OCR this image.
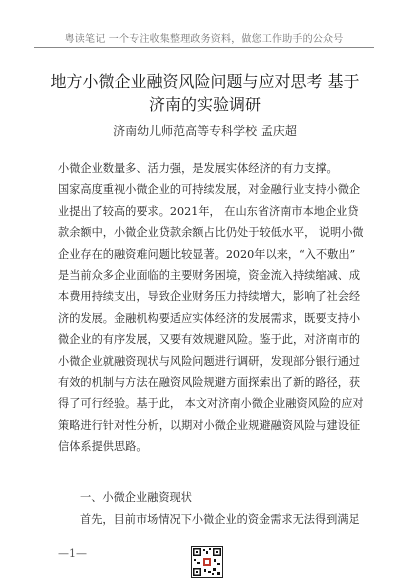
粤读笔记 一个专注收集整理政务资料，做您工作助手的公众号
地方小微企业融资风险问题与应对思考 基于
济南的实验调研
济南幼儿师范高等专科学校 孟庆超
小微企业数量多、活力强，是发展实体经济的有力支撑。
国家高度重视小微企业的可持续发展，对金融行业支持小微企
业提出了较高的要求。2021年， 在山东省济南市本地企业贷
款余额中，小微企业贷款余额占比仍处于较低水平， 说明小微
企业存在的融资难问题比较显著。2020年以来，“入不敷出”
是当前众多企业面临的主要财务困境，资金流入持续缩减、成
本费用持续支出，导致企业财务压力持续增大，影响了社会经
济的发展。金融机构要适应实体经济的发展需求，既要支持小
微企业的有序发展，又要有效规避风险。鉴于此，对济南市的
小微企业就融资现状与风险问题进行调研，发现部分银行通过
有效的机制与方法在融资风险规避方面探索出了新的路径，获
得了可行经验。基于此， 本文对济南小微企业融资风险的应对
策略进行针对性分析，以期对小微企业规避融资风险与建设征
信体系提供思路。
一、小微企业融资现状
首先，目前市场情况下小微企业的资金需求无法得到满足
—1—
